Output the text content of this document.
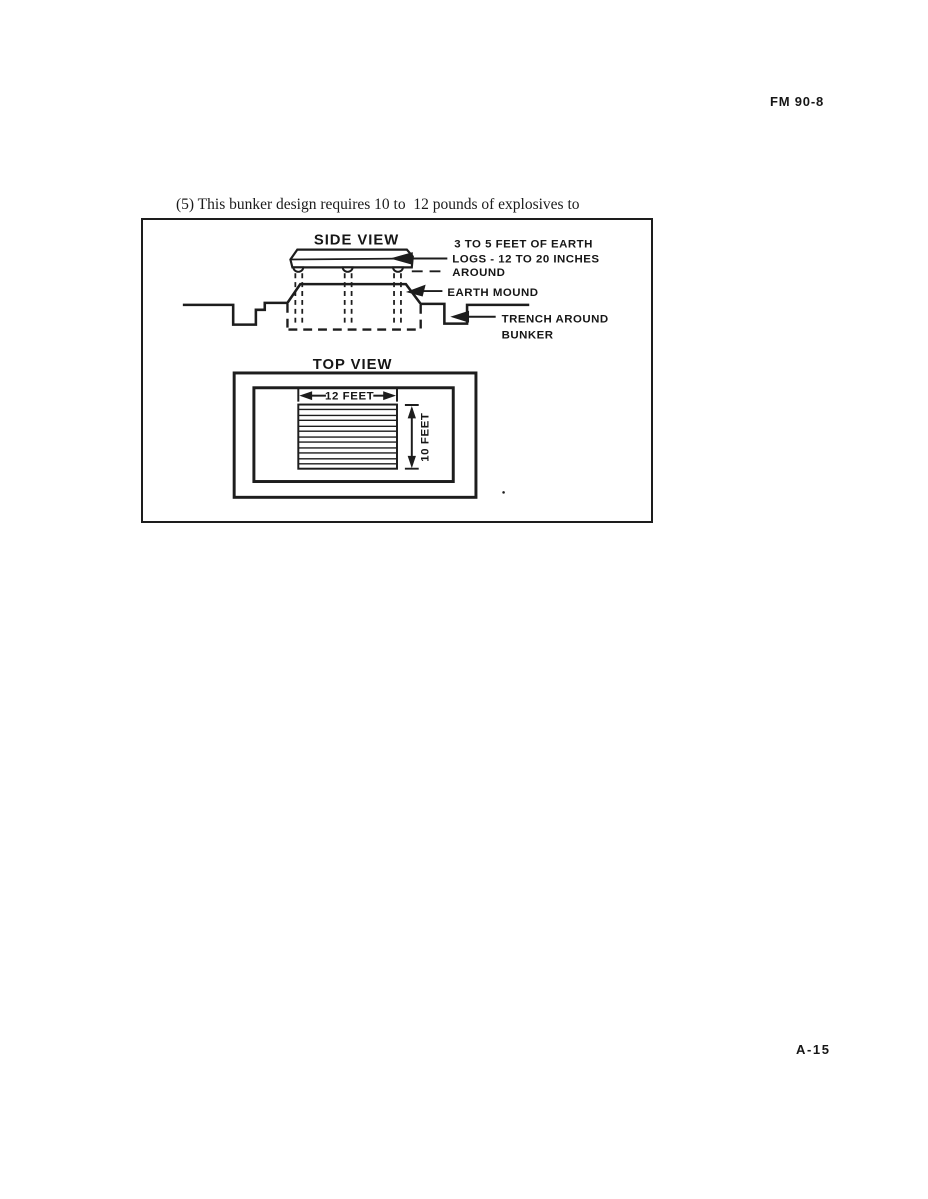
FM 90-8

(5) This bunker design requires 10 to  12 pounds of explosives to

SIDE VIEW	3 TO 5 FEET OF EARTH
LOGS - 12 TO 20 INCHES
AROUND
EARTH MOUND
TRENCH AROUND
BUNKER
TOP VIEW
12 FEET
10 FEET
A-15
